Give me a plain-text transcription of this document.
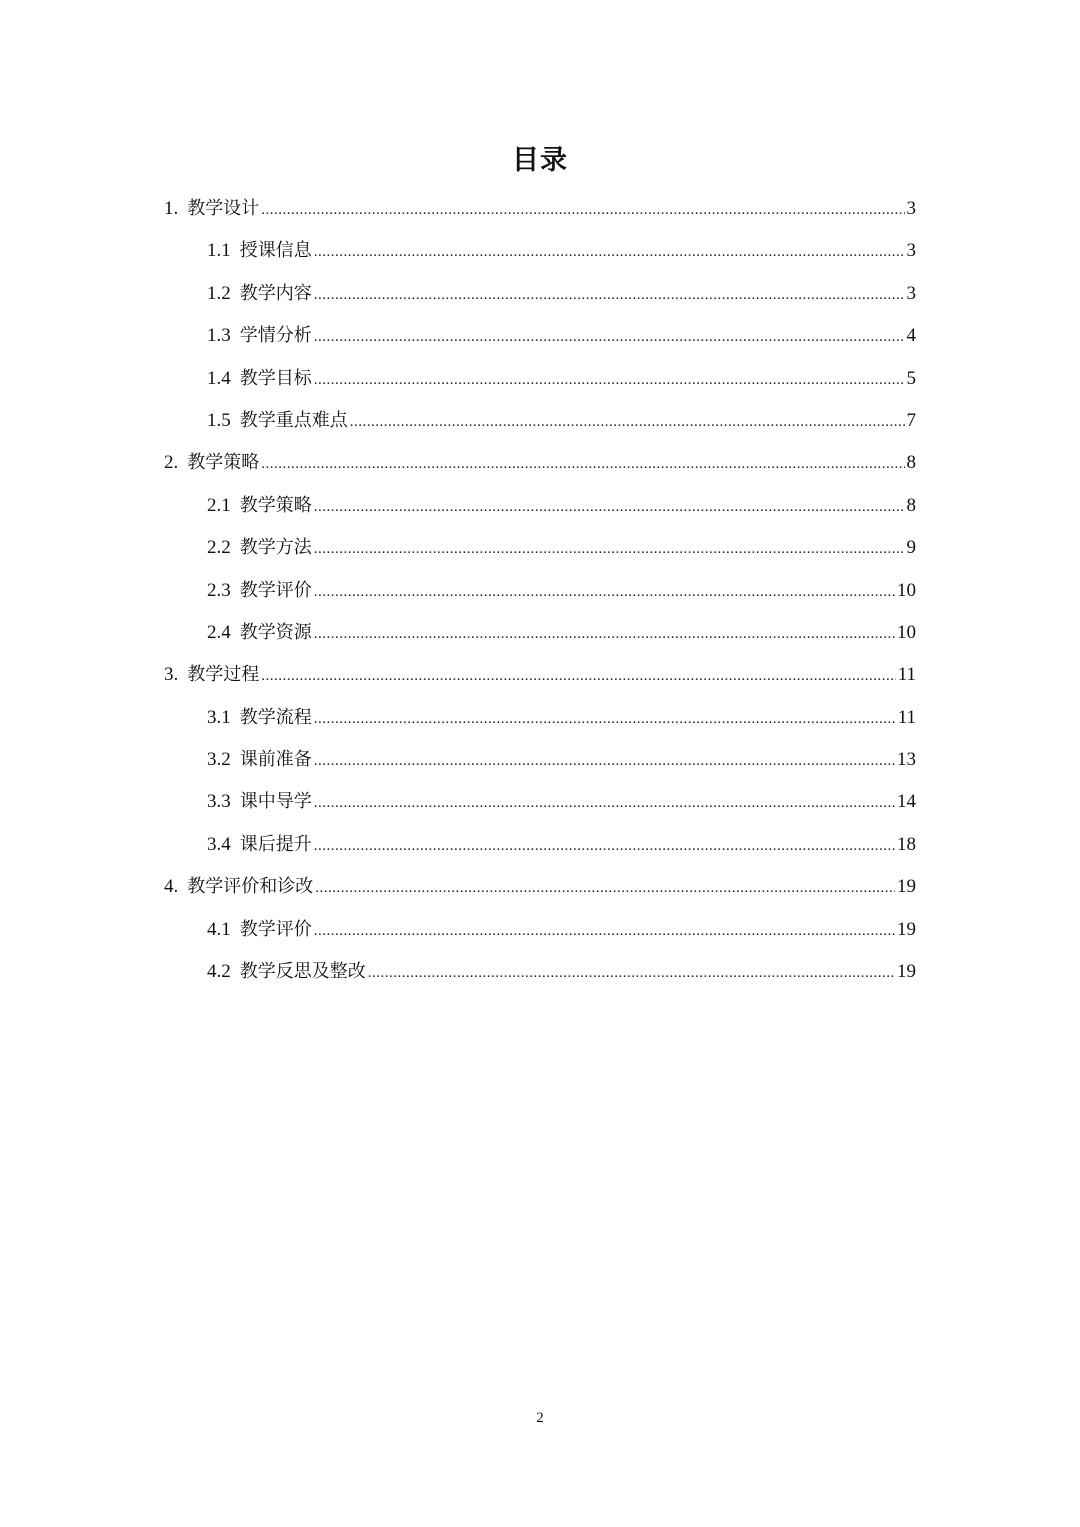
目录
1. 教学设计 .....	3
1.1 授课信息 .....	3
1.2 教学内容 .....	3
1.3 学情分析 .....	4
1.4 教学目标 .....	5
1.5 教学重点难点 .....	7
2. 教学策略 .....	8
2.1 教学策略 .....	8
2.2 教学方法 .....	9
2.3 教学评价 .....	10
2.4 教学资源 .....	10
3. 教学过程 .....	11
3.1 教学流程 .....	11
3.2 课前准备 .....	13
3.3 课中导学 .....	14
3.4 课后提升 .....	18
4. 教学评价和诊改 .....	19
4.1 教学评价 .....	19
4.2 教学反思及整改 .....	19
2
